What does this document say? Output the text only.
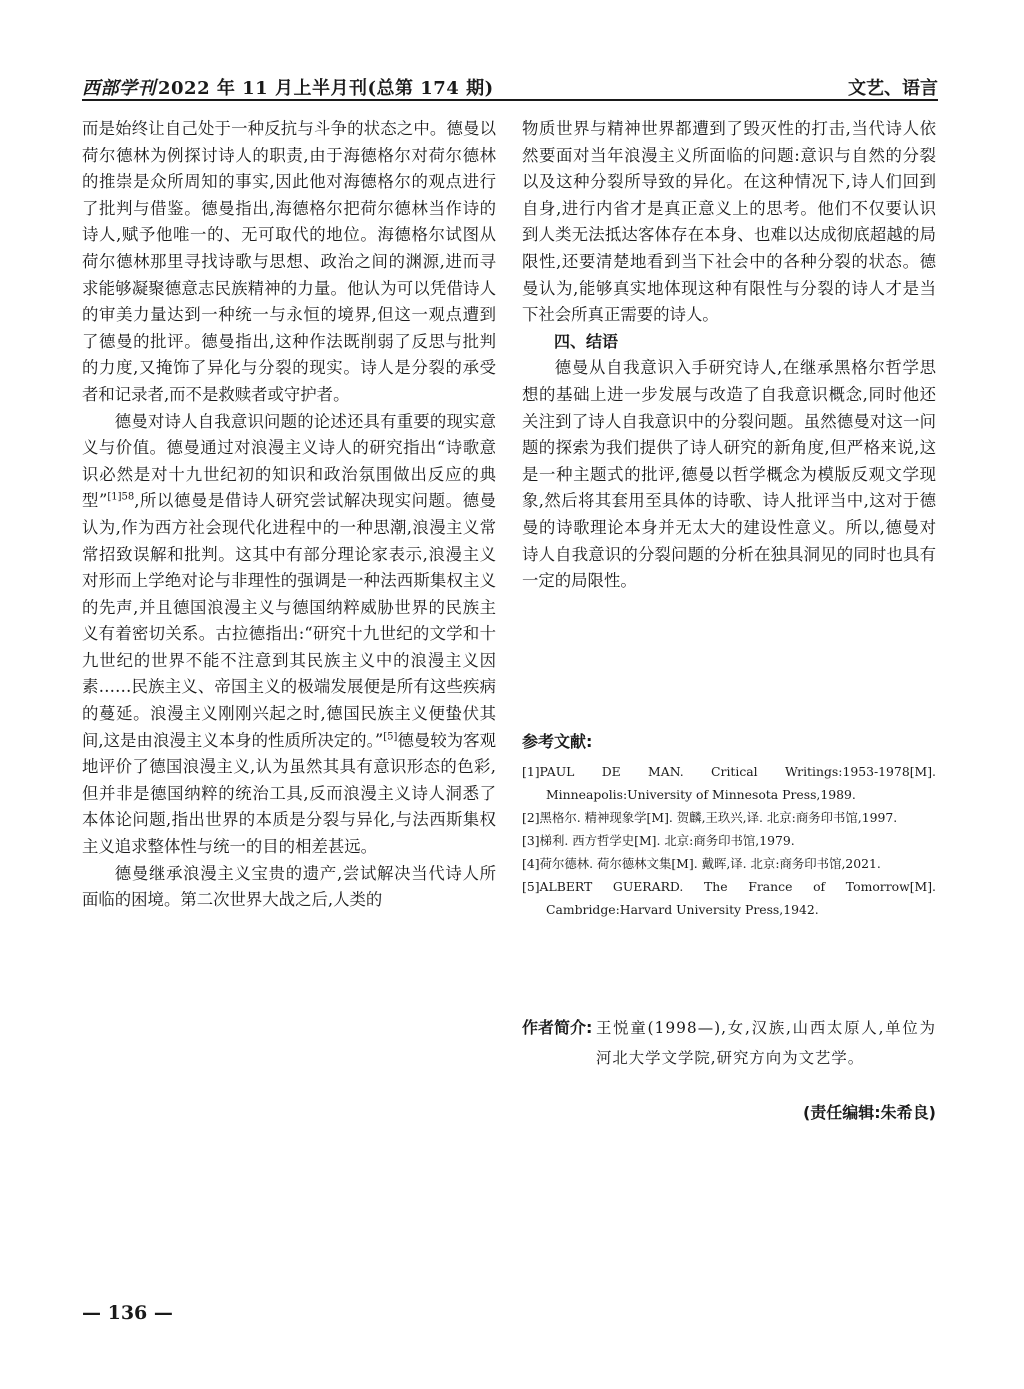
西部学刊 2022 年 11 月上半月刊(总第 174 期)	文艺、语言

而是始终让自己处于一种反抗与斗争的状态之中。德曼以荷尔德林为例探讨诗人的职责,由于海德格尔对荷尔德林的推崇是众所周知的事实,因此他对海德格尔的观点进行了批判与借鉴。德曼指出,海德格尔把荷尔德林当作诗的诗人,赋予他唯一的、无可取代的地位。海德格尔试图从荷尔德林那里寻找诗歌与思想、政治之间的渊源,进而寻求能够凝聚德意志民族精神的力量。他认为可以凭借诗人的审美力量达到一种统一与永恒的境界,但这一观点遭到了德曼的批评。德曼指出,这种作法既削弱了反思与批判的力度,又掩饰了异化与分裂的现实。诗人是分裂的承受者和记录者,而不是救赎者或守护者。

德曼对诗人自我意识问题的论述还具有重要的现实意义与价值。德曼通过对浪漫主义诗人的研究指出“诗歌意识必然是对十九世纪初的知识和政治氛围做出反应的典型”$^{[1]58}$,所以德曼是借诗人研究尝试解决现实问题。德曼认为,作为西方社会现代化进程中的一种思潮,浪漫主义常常招致误解和批判。这其中有部分理论家表示,浪漫主义对形而上学绝对论与非理性的强调是一种法西斯集权主义的先声,并且德国浪漫主义与德国纳粹威胁世界的民族主义有着密切关系。古拉德指出:“研究十九世纪的文学和十九世纪的世界不能不注意到其民族主义中的浪漫主义因素……民族主义、帝国主义的极端发展便是所有这些疾病的蔓延。浪漫主义刚刚兴起之时,德国民族主义便蛰伏其间,这是由浪漫主义本身的性质所决定的。”[5]德曼较为客观地评价了德国浪漫主义,认为虽然其具有意识形态的色彩,但并非是德国纳粹的统治工具,反而浪漫主义诗人洞悉了本体论问题,指出世界的本质是分裂与异化,与法西斯集权主义追求整体性与统一的目的相差甚远。

德曼继承浪漫主义宝贵的遗产,尝试解决当代诗人所面临的困境。第二次世界大战之后,人类的

物质世界与精神世界都遭到了毁灭性的打击,当代诗人依然要面对当年浪漫主义所面临的问题:意识与自然的分裂以及这种分裂所导致的异化。在这种情况下,诗人们回到自身,进行内省才是真正意义上的思考。他们不仅要认识到人类无法抵达客体存在本身、也难以达成彻底超越的局限性,还要清楚地看到当下社会中的各种分裂的状态。德曼认为,能够真实地体现这种有限性与分裂的诗人才是当下社会所真正需要的诗人。

四、结语

德曼从自我意识入手研究诗人,在继承黑格尔哲学思想的基础上进一步发展与改造了自我意识概念,同时他还关注到了诗人自我意识中的分裂问题。虽然德曼对这一问题的探索为我们提供了诗人研究的新角度,但严格来说,这是一种主题式的批评,德曼以哲学概念为模版反观文学现象,然后将其套用至具体的诗歌、诗人批评当中,这对于德曼的诗歌理论本身并无太大的建设性意义。所以,德曼对诗人自我意识的分裂问题的分析在独具洞见的同时也具有一定的局限性。

参考文献:
[1]PAUL DE MAN. Critical Writings:1953-1978[M]. Minneapolis:University of Minnesota Press,1989.
[2]黑格尔. 精神现象学[M]. 贺麟,王玖兴,译. 北京:商务印书馆,1997.
[3]梯利. 西方哲学史[M]. 北京:商务印书馆,1979.
[4]荷尔德林. 荷尔德林文集[M]. 戴晖,译. 北京:商务印书馆,2021.
[5]ALBERT GUERARD. The France of Tomorrow[M]. Cambridge:Harvard University Press,1942.
作者简介: 王悦童(1998—),女,汉族,山西太原人,单位为河北大学文学院,研究方向为文艺学。
(责任编辑:朱希良)
— 136 —
